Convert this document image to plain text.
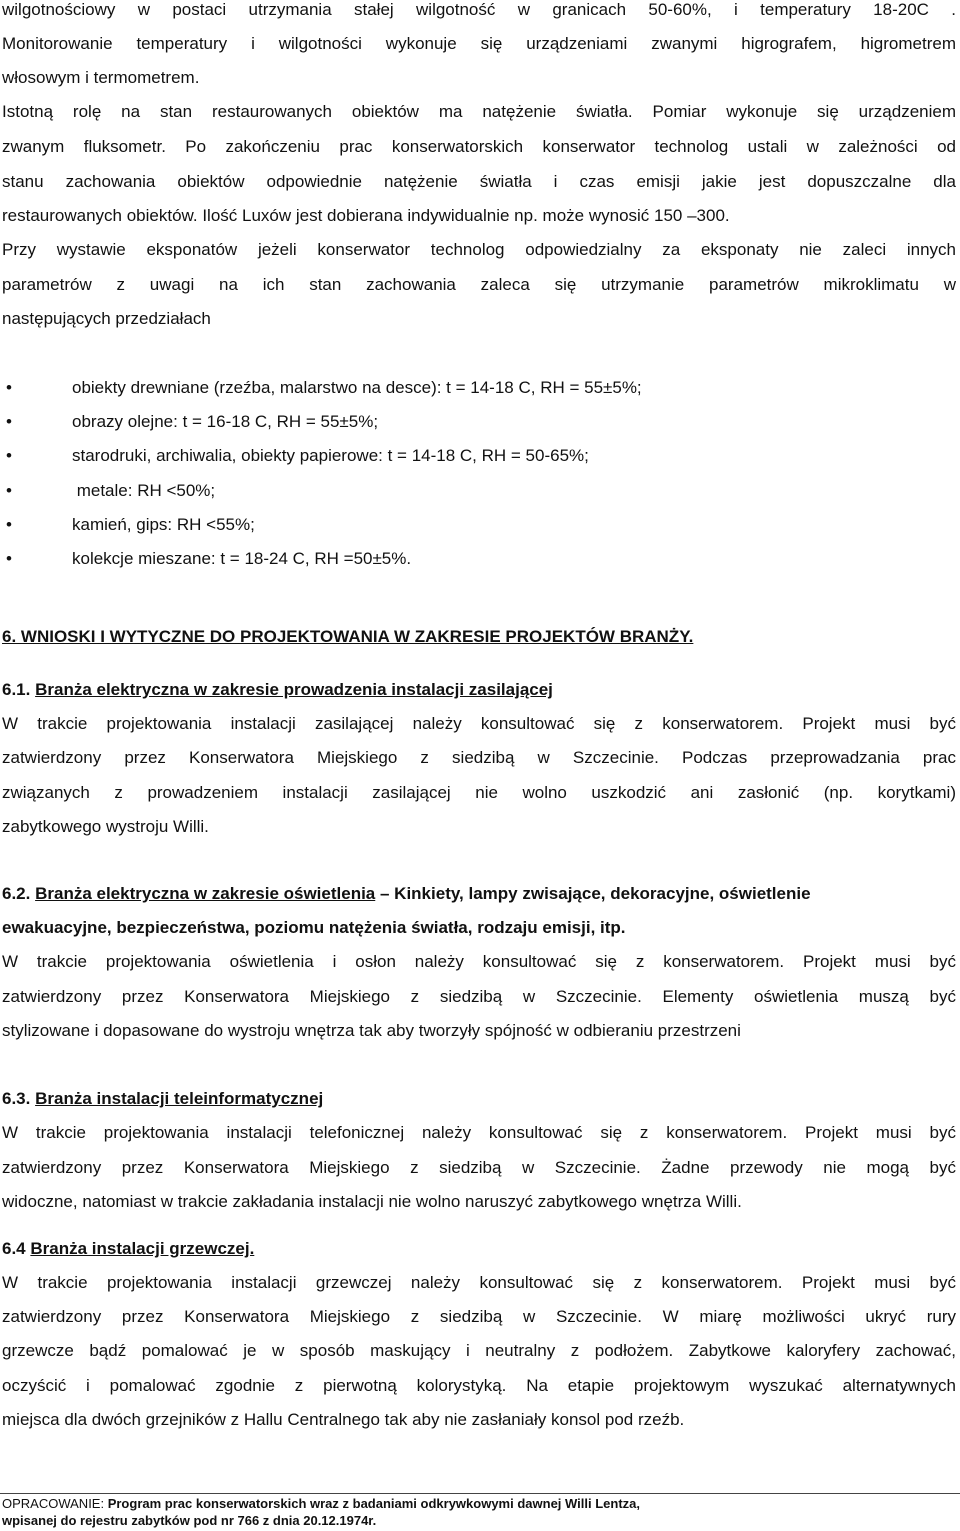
wilgotnościowy w postaci utrzymania stałej wilgotność w granicach 50-60%, i temperatury 18-20C .
Monitorowanie temperatury i wilgotności wykonuje się urządzeniami zwanymi higrografem, higrometrem
włosowym i termometrem.
Istotną rolę na stan restaurowanych obiektów ma natężenie światła. Pomiar wykonuje się urządzeniem
zwanym fluksometr. Po zakończeniu prac konserwatorskich konserwator technolog ustali w zależności od
stanu zachowania obiektów odpowiednie natężenie światła i czas emisji jakie jest dopuszczalne dla
restaurowanych obiektów. Ilość Luxów jest dobierana indywidualnie np. może wynosić 150 –300.
Przy wystawie eksponatów jeżeli konserwator technolog odpowiedzialny za eksponaty nie zaleci innych
parametrów z uwagi na ich stan zachowania zaleca się utrzymanie parametrów mikroklimatu w
następujących przedziałach
•	obiekty drewniane (rzeźba, malarstwo na desce): t = 14-18 C, RH = 55±5%;
•	obrazy olejne: t = 16-18 C, RH = 55±5%;
•	starodruki, archiwalia, obiekty papierowe: t = 14-18 C, RH = 50-65%;
•	metale: RH <50%;
•	kamień, gips: RH <55%;
•	kolekcje mieszane: t = 18-24 C, RH =50±5%.
6. WNIOSKI I WYTYCZNE DO PROJEKTOWANIA W ZAKRESIE PROJEKTÓW BRANŻY.
6.1. Branża elektryczna w zakresie prowadzenia instalacji zasilającej
W trakcie projektowania instalacji zasilającej należy konsultować się z konserwatorem. Projekt musi być
zatwierdzony przez Konserwatora Miejskiego z siedzibą w Szczecinie. Podczas przeprowadzania prac
związanych z prowadzeniem instalacji zasilającej nie wolno uszkodzić ani zasłonić (np. korytkami)
zabytkowego wystroju Willi.
6.2. Branża elektryczna w zakresie oświetlenia – Kinkiety, lampy zwisające, dekoracyjne, oświetlenie
ewakuacyjne, bezpieczeństwa, poziomu natężenia światła, rodzaju emisji, itp.
W trakcie projektowania oświetlenia i osłon należy konsultować się z konserwatorem. Projekt musi być
zatwierdzony przez Konserwatora Miejskiego z siedzibą w Szczecinie. Elementy oświetlenia muszą być
stylizowane i dopasowane do wystroju wnętrza tak aby tworzyły spójność w odbieraniu przestrzeni
6.3. Branża instalacji teleinformatycznej
W trakcie projektowania instalacji telefonicznej należy konsultować się z konserwatorem. Projekt musi być
zatwierdzony przez Konserwatora Miejskiego z siedzibą w Szczecinie. Żadne przewody nie mogą być
widoczne, natomiast w trakcie zakładania instalacji nie wolno naruszyć zabytkowego wnętrza Willi.
6.4 Branża instalacji grzewczej.
W trakcie projektowania instalacji grzewczej należy konsultować się z konserwatorem. Projekt musi być
zatwierdzony przez Konserwatora Miejskiego z siedzibą w Szczecinie. W miarę możliwości ukryć rury
grzewcze bądź pomalować je w sposób maskujący i neutralny z podłożem. Zabytkowe kaloryfery zachować,
oczyścić i pomalować zgodnie z pierwotną kolorystyką. Na etapie projektowym wyszukać alternatywnych
miejsca dla dwóch grzejników z Hallu Centralnego tak aby nie zasłaniały konsol pod rzeźb.
OPRACOWANIE: Program prac konserwatorskich wraz z badaniami odkrywkowymi dawnej Willi Lentza,
wpisanej do rejestru zabytków pod nr 766 z dnia 20.12.1974r.
